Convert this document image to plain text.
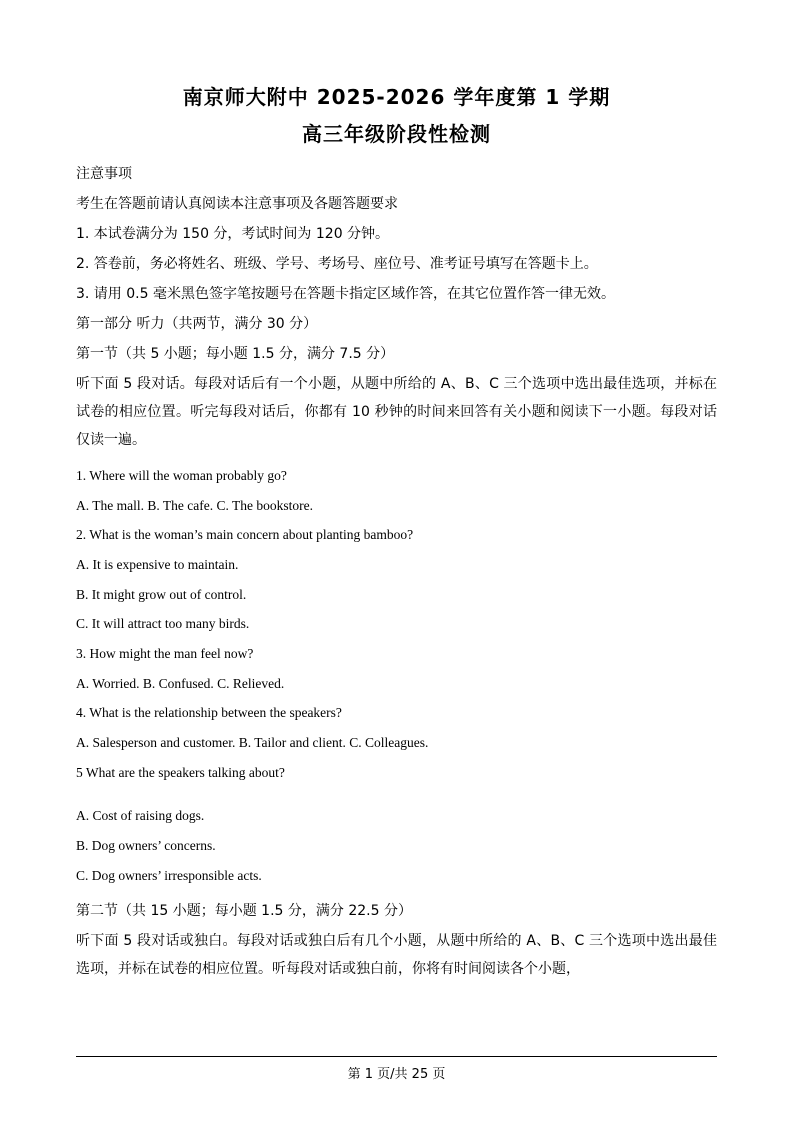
南京师大附中 2025-2026 学年度第 1 学期
高三年级阶段性检测
注意事项
考生在答题前请认真阅读本注意事项及各题答题要求
1. 本试卷满分为 150 分，考试时间为 120 分钟。
2. 答卷前，务必将姓名、班级、学号、考场号、座位号、准考证号填写在答题卡上。
3. 请用 0.5 毫米黑色签字笔按题号在答题卡指定区域作答，在其它位置作答一律无效。
第一部分 听力（共两节，满分 30 分）
第一节（共 5 小题；每小题 1.5 分，满分 7.5 分）
听下面 5 段对话。每段对话后有一个小题，从题中所给的 A、B、C 三个选项中选出最佳选项，并标在试卷的相应位置。听完每段对话后，你都有 10 秒钟的时间来回答有关小题和阅读下一小题。每段对话仅读一遍。
1. Where will the woman probably go?
A. The mall. B. The cafe. C. The bookstore.
2. What is the woman’s main concern about planting bamboo?
A. It is expensive to maintain.
B. It might grow out of control.
C. It will attract too many birds.
3. How might the man feel now?
A. Worried. B. Confused. C. Relieved.
4. What is the relationship between the speakers?
A. Salesperson and customer. B. Tailor and client. C. Colleagues.
5 What are the speakers talking about?
A. Cost of raising dogs.
B. Dog owners’ concerns.
C. Dog owners’ irresponsible acts.
第二节（共 15 小题；每小题 1.5 分，满分 22.5 分）
听下面 5 段对话或独白。每段对话或独白后有几个小题，从题中所给的 A、B、C 三个选项中选出最佳选项，并标在试卷的相应位置。听每段对话或独白前，你将有时间阅读各个小题，
第 1 页/共 25 页
